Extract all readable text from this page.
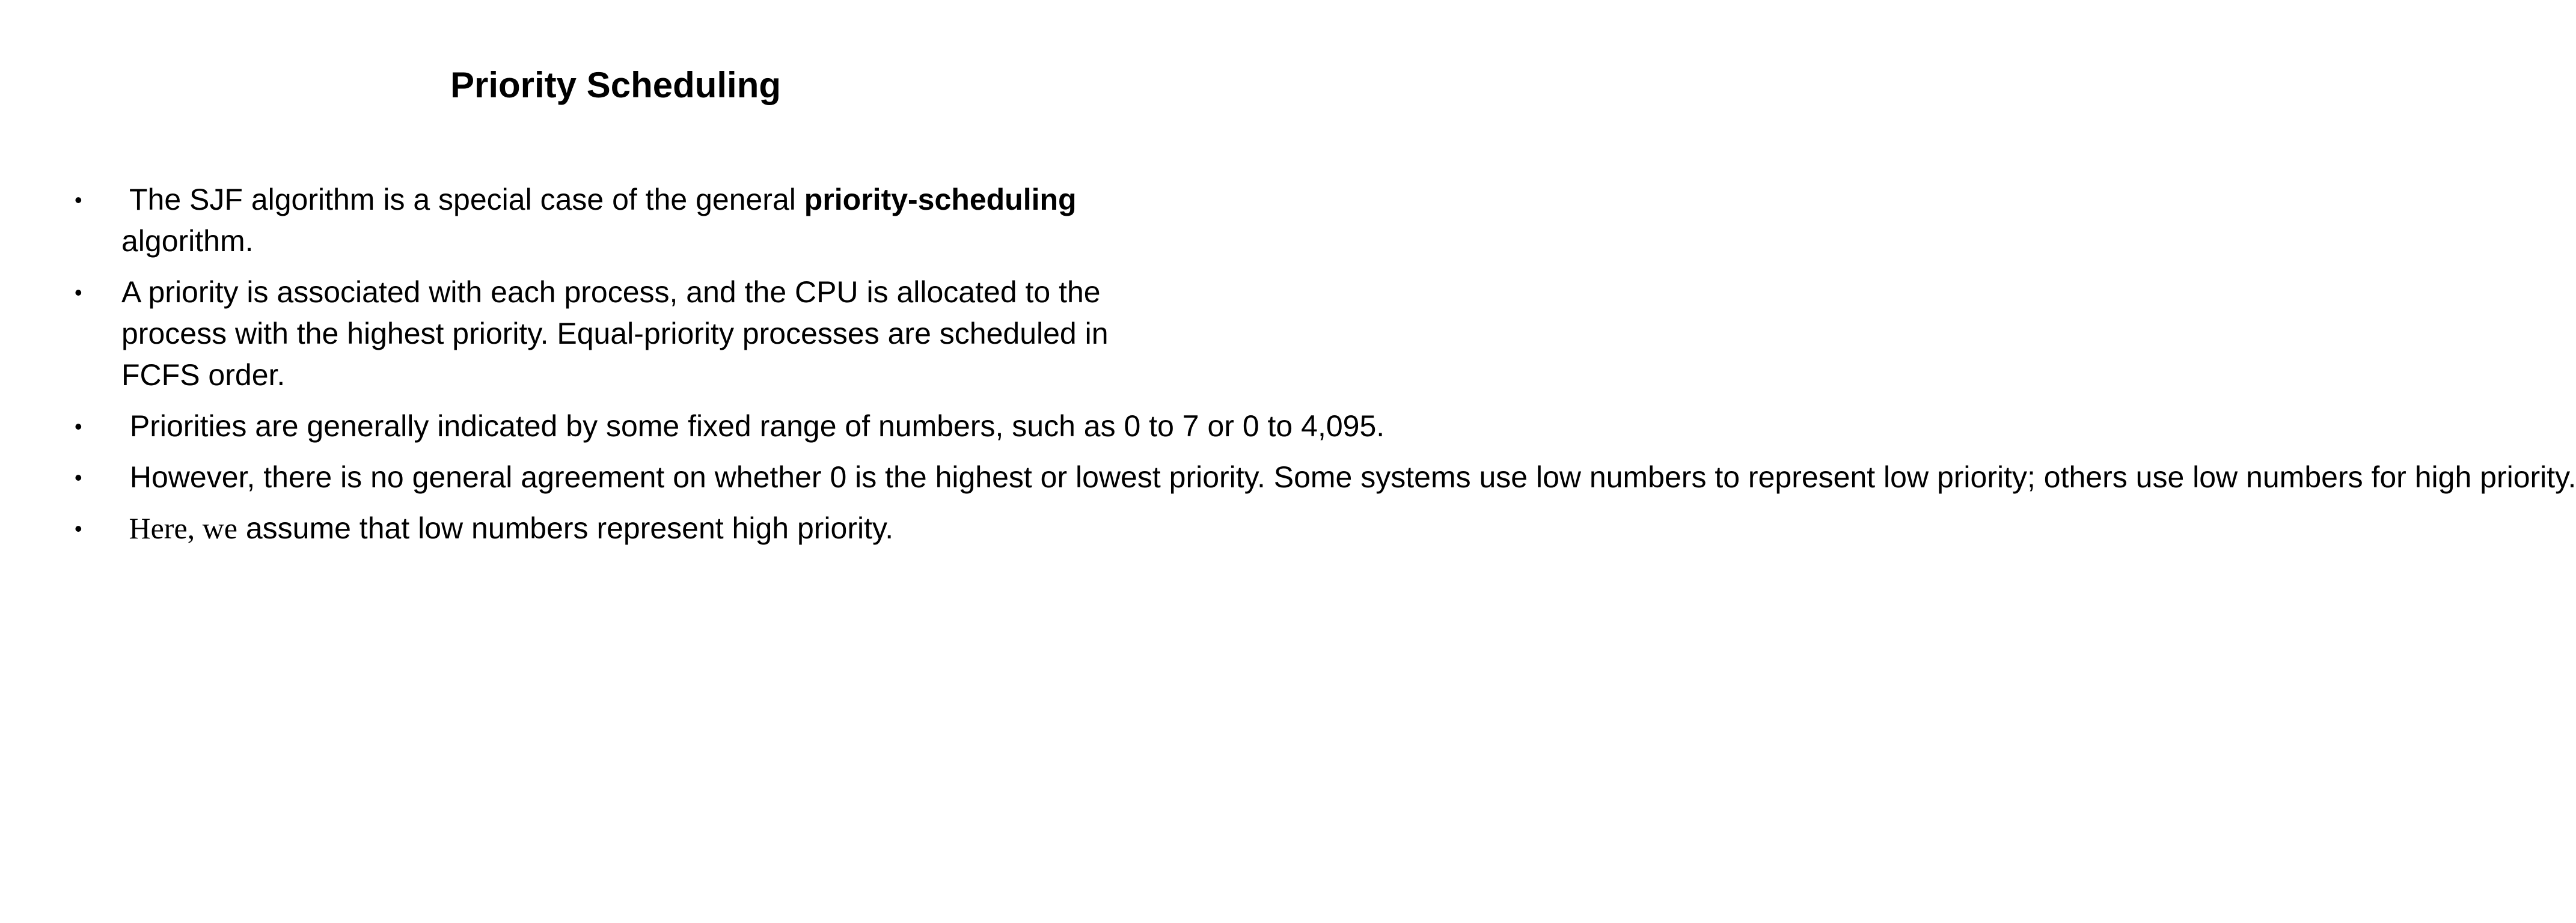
Priority Scheduling
•	The SJF algorithm is a special case of the general priority-scheduling algorithm.
•	A priority is associated with each process, and the CPU is allocated to the process with the highest priority. Equal-priority processes are scheduled in FCFS order.
•	Priorities are generally indicated by some fixed range of numbers, such as 0 to 7 or 0 to 4,095.
•	However, there is no general agreement on whether 0 is the highest or lowest priority. Some systems use low numbers to represent low priority; others use low numbers for high priority.
•	Here, we assume that low numbers represent high priority.
